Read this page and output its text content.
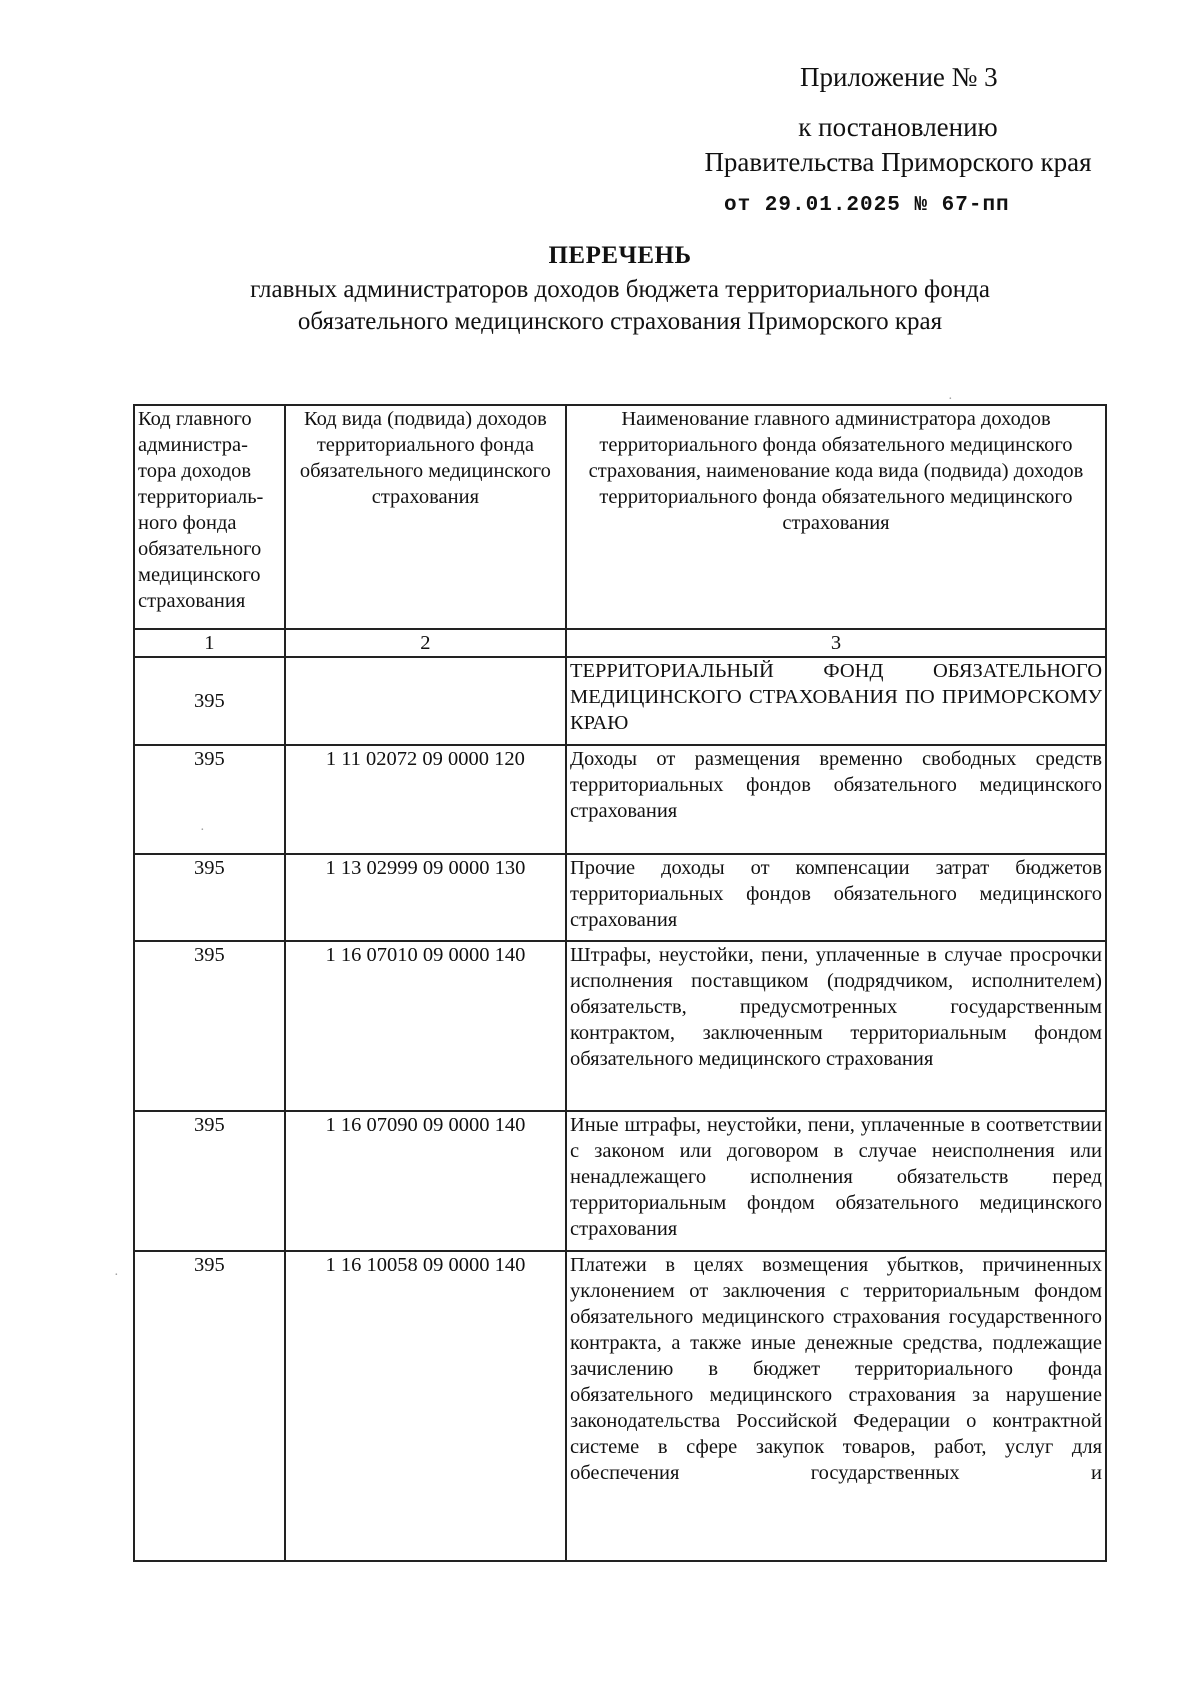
Приложение № 3
к постановлению
Правительства Приморского края
от 29.01.2025 № 67-пп
ПЕРЕЧЕНЬ
главных администраторов доходов бюджета территориального фонда
обязательного медицинского страхования Приморского края
·
·
·
Код главного администра-тора доходов территориаль-ного фонда обязательного медицинского страхования	Код вида (подвида) доходов территориального фонда обязательного медицинского страхования	Наименование главного администратора доходов территориального фонда обязательного медицинского страхования, наименование кода вида (подвида) доходов территориального фонда обязательного медицинского страхования
1	2	3
395		ТЕРРИТОРИАЛЬНЫЙ ФОНД ОБЯЗАТЕЛЬНОГО МЕДИЦИНСКОГО СТРАХОВАНИЯ ПО ПРИМОРСКОМУ КРАЮ
395	1 11 02072 09 0000 120	Доходы от размещения временно свободных средств территориальных фондов обязательного медицинского страхования
395	1 13 02999 09 0000 130	Прочие доходы от компенсации затрат бюджетов территориальных фондов обязательного медицинского страхования
395	1 16 07010 09 0000 140	Штрафы, неустойки, пени, уплаченные в случае просрочки исполнения поставщиком (подрядчиком, исполнителем) обязательств, предусмотренных государственным контрактом, заключенным территориальным фондом обязательного медицинского страхования
395	1 16 07090 09 0000 140	Иные штрафы, неустойки, пени, уплаченные в соответствии с законом или договором в случае неисполнения или ненадлежащего исполнения обязательств перед территориальным фондом обязательного медицинского страхования
395	1 16 10058 09 0000 140	Платежи в целях возмещения убытков, причиненных уклонением от заключения с территориальным фондом обязательного медицинского страхования государственного контракта, а также иные денежные средства, подлежащие зачислению в бюджет территориального фонда обязательного медицинского страхования за нарушение законодательства Российской Федерации о контрактной системе в сфере закупок товаров, работ, услуг для обеспечения государственных и
